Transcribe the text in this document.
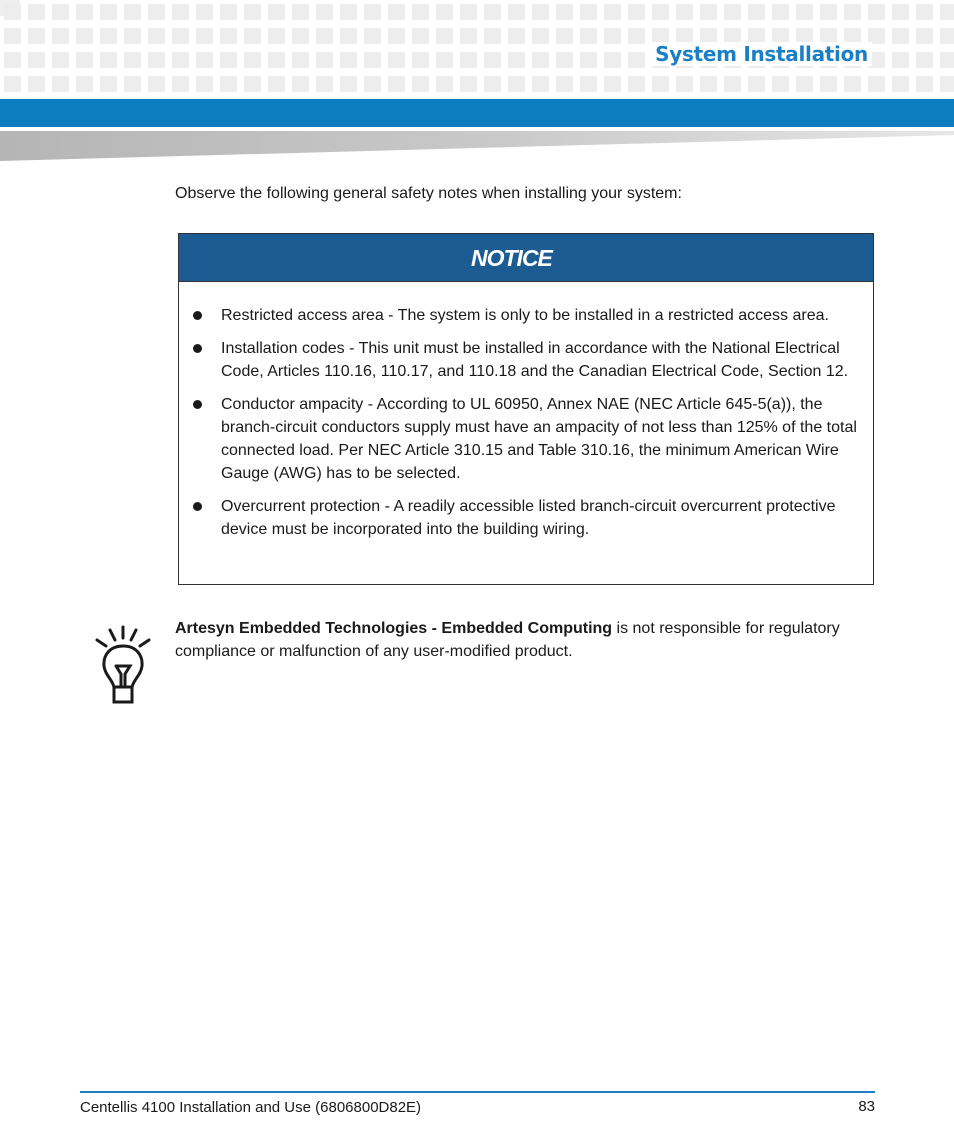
System Installation
Observe the following general safety notes when installing your system:
NOTICE
Restricted access area - The system is only to be installed in a restricted access area.
Installation codes - This unit must be installed in accordance with the National Electrical Code, Articles 110.16, 110.17, and 110.18 and the Canadian Electrical Code, Section 12.
Conductor ampacity - According to UL 60950, Annex NAE (NEC Article 645-5(a)), the branch-circuit conductors supply must have an ampacity of not less than 125% of the total connected load. Per NEC Article 310.15 and Table 310.16, the minimum American Wire Gauge (AWG) has to be selected.
Overcurrent protection - A readily accessible listed branch-circuit overcurrent protective device must be incorporated into the building wiring.
Artesyn Embedded Technologies - Embedded Computing is not responsible for regulatory compliance or malfunction of any user-modified product.
Centellis 4100 Installation and Use (6806800D82E)	83
